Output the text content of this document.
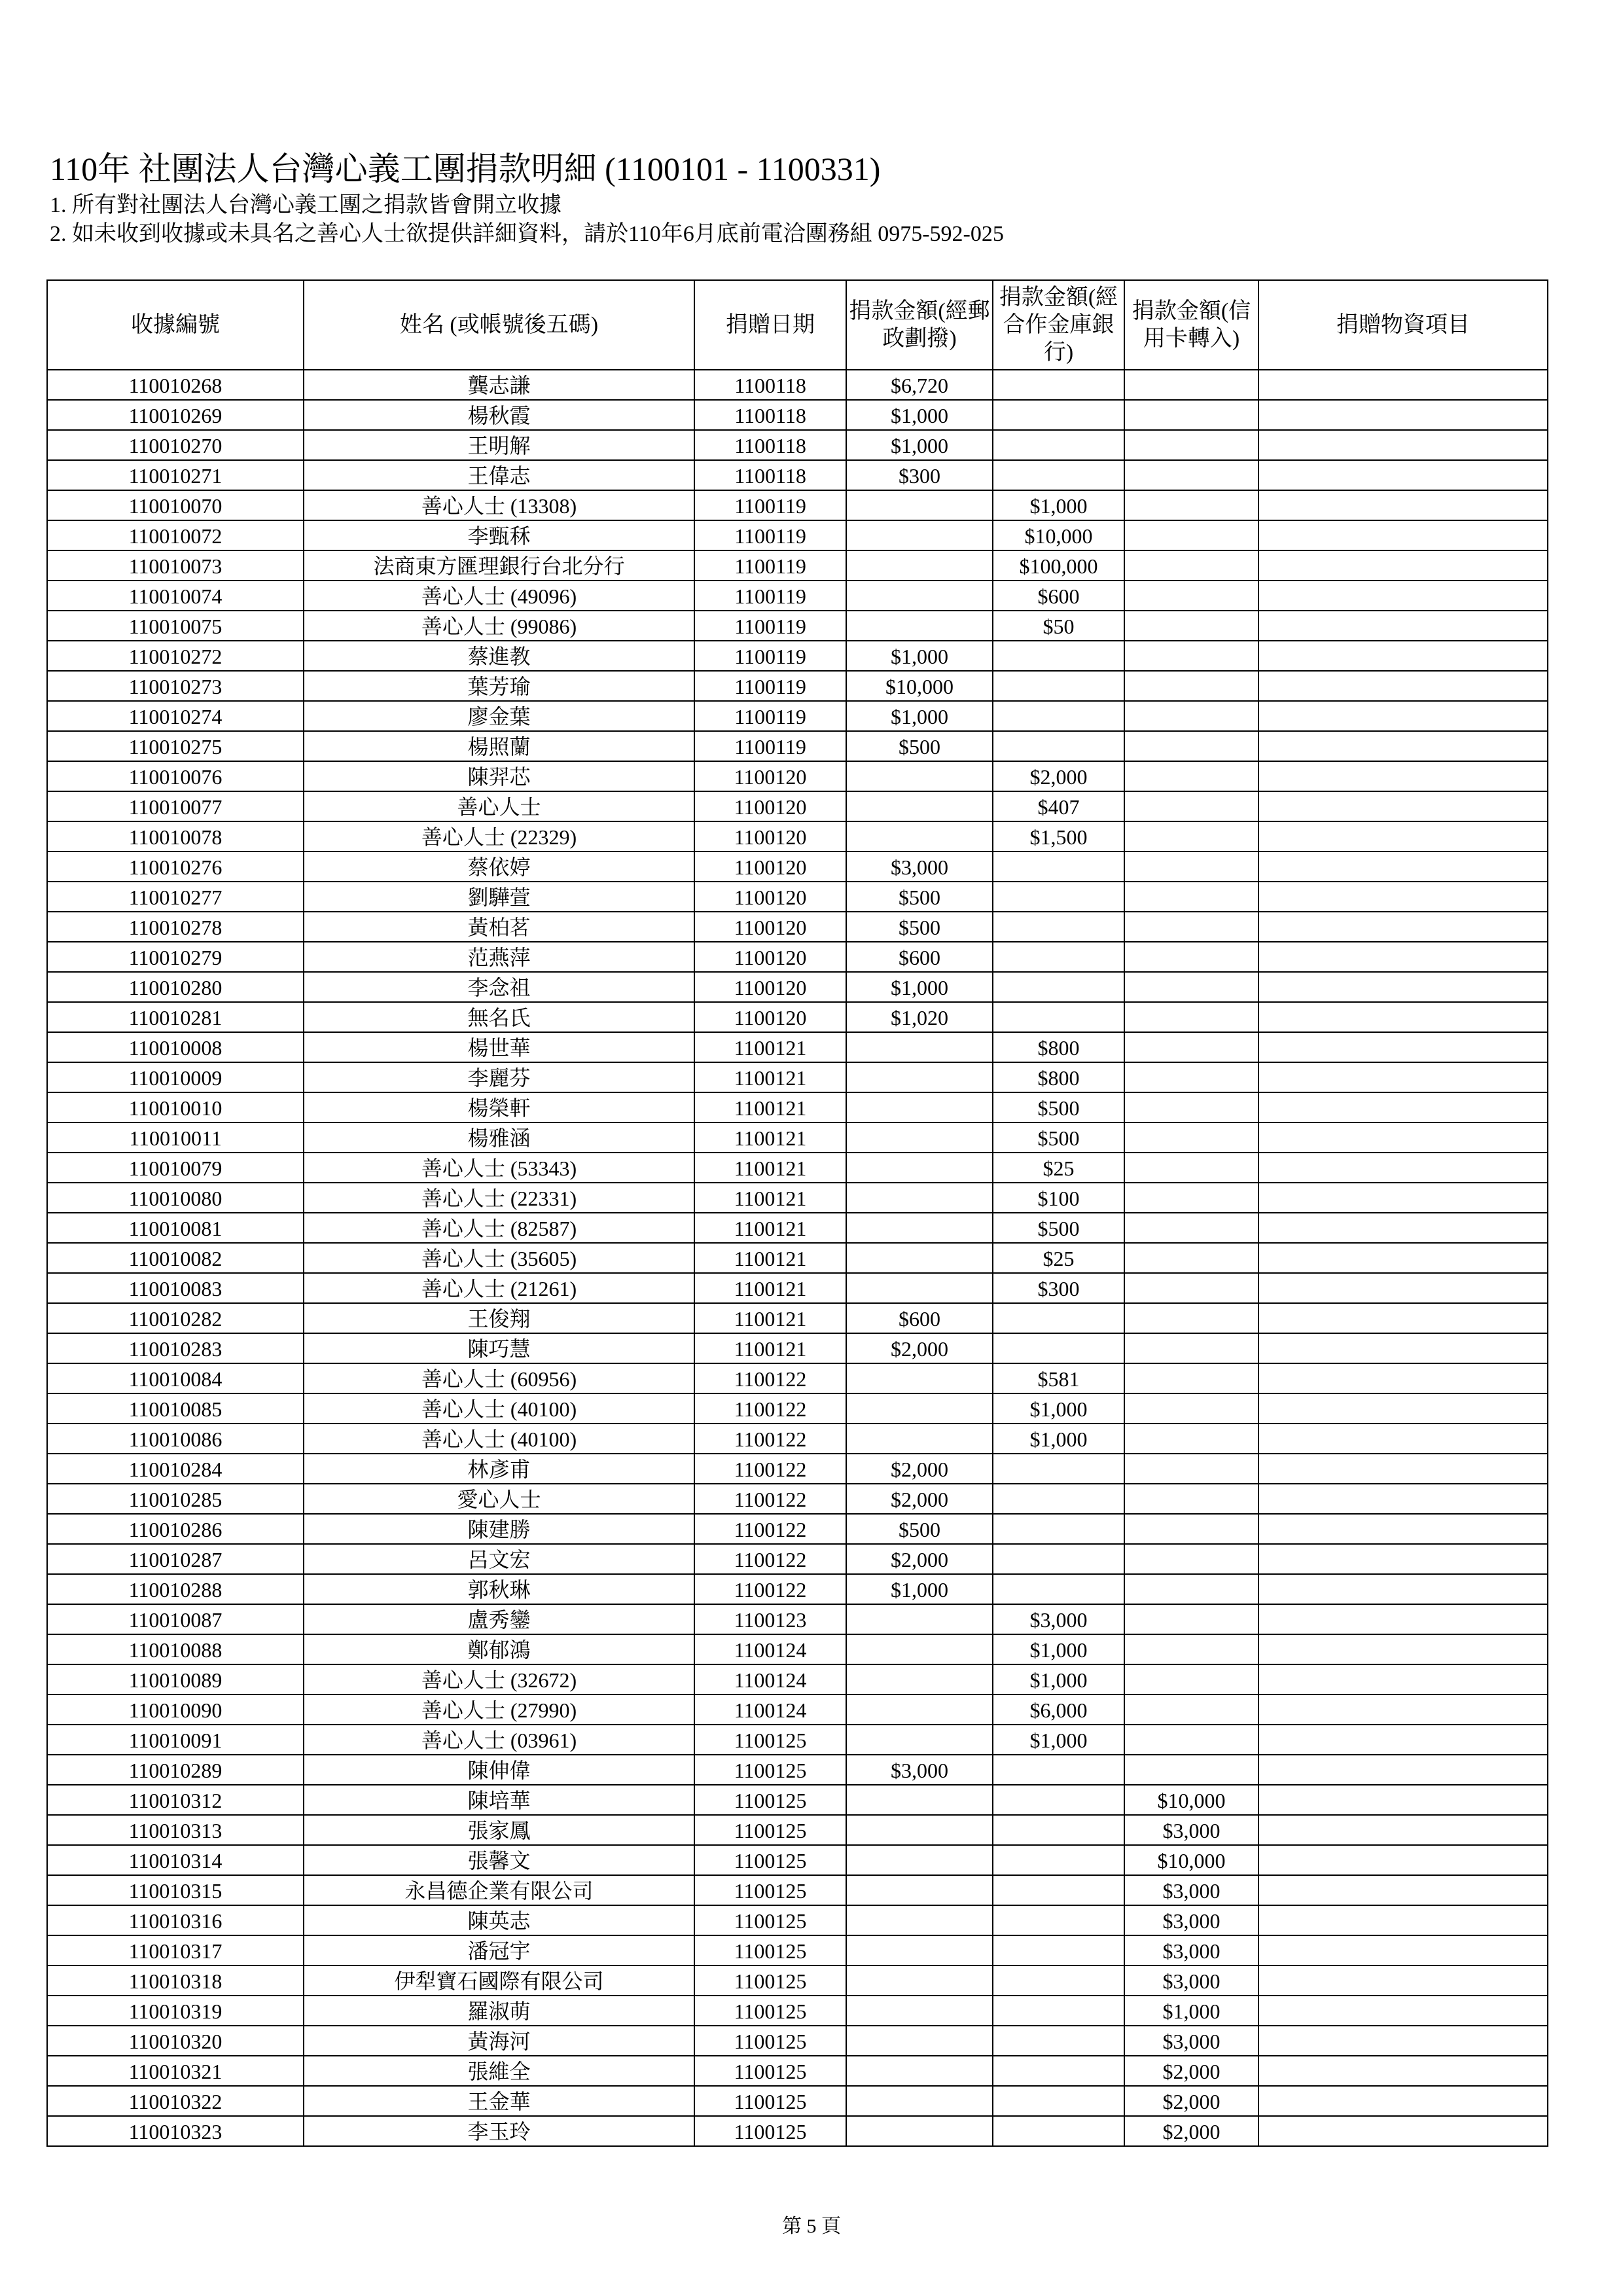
110年 社團法人台灣心義工團捐款明細 (1100101 - 1100331)
1. 所有對社團法人台灣心義工團之捐款皆會開立收據
2. 如未收到收據或未具名之善心人士欲提供詳細資料，請於110年6月底前電洽團務組 0975-592-025
收據編號	姓名 (或帳號後五碼)	捐贈日期	捐款金額(經郵政劃撥)	捐款金額(經合作金庫銀行)	捐款金額(信用卡轉入)	捐贈物資項目
110010268	龔志謙	1100118	$6,720			
110010269	楊秋霞	1100118	$1,000			
110010270	王明解	1100118	$1,000			
110010271	王偉志	1100118	$300			
110010070	善心人士 (13308)	1100119		$1,000		
110010072	李甄秝	1100119		$10,000		
110010073	法商東方匯理銀行台北分行	1100119		$100,000		
110010074	善心人士 (49096)	1100119		$600		
110010075	善心人士 (99086)	1100119		$50		
110010272	蔡進教	1100119	$1,000			
110010273	葉芳瑜	1100119	$10,000			
110010274	廖金葉	1100119	$1,000			
110010275	楊照蘭	1100119	$500			
110010076	陳羿芯	1100120		$2,000		
110010077	善心人士	1100120		$407		
110010078	善心人士 (22329)	1100120		$1,500		
110010276	蔡依婷	1100120	$3,000			
110010277	劉驊萱	1100120	$500			
110010278	黃柏茗	1100120	$500			
110010279	范燕萍	1100120	$600			
110010280	李念祖	1100120	$1,000			
110010281	無名氏	1100120	$1,020			
110010008	楊世華	1100121		$800		
110010009	李麗芬	1100121		$800		
110010010	楊榮軒	1100121		$500		
110010011	楊雅涵	1100121		$500		
110010079	善心人士 (53343)	1100121		$25		
110010080	善心人士 (22331)	1100121		$100		
110010081	善心人士 (82587)	1100121		$500		
110010082	善心人士 (35605)	1100121		$25		
110010083	善心人士 (21261)	1100121		$300		
110010282	王俊翔	1100121	$600			
110010283	陳巧慧	1100121	$2,000			
110010084	善心人士 (60956)	1100122		$581		
110010085	善心人士 (40100)	1100122		$1,000		
110010086	善心人士 (40100)	1100122		$1,000		
110010284	林彥甫	1100122	$2,000			
110010285	愛心人士	1100122	$2,000			
110010286	陳建勝	1100122	$500			
110010287	呂文宏	1100122	$2,000			
110010288	郭秋琳	1100122	$1,000			
110010087	盧秀鑾	1100123		$3,000		
110010088	鄭郁鴻	1100124		$1,000		
110010089	善心人士 (32672)	1100124		$1,000		
110010090	善心人士 (27990)	1100124		$6,000		
110010091	善心人士 (03961)	1100125		$1,000		
110010289	陳伸偉	1100125	$3,000			
110010312	陳培華	1100125			$10,000	
110010313	張家鳳	1100125			$3,000	
110010314	張馨文	1100125			$10,000	
110010315	永昌德企業有限公司	1100125			$3,000	
110010316	陳英志	1100125			$3,000	
110010317	潘冠宇	1100125			$3,000	
110010318	伊犁寶石國際有限公司	1100125			$3,000	
110010319	羅淑萌	1100125			$1,000	
110010320	黃海河	1100125			$3,000	
110010321	張維全	1100125			$2,000	
110010322	王金華	1100125			$2,000	
110010323	李玉玲	1100125			$2,000	
第 5 頁
